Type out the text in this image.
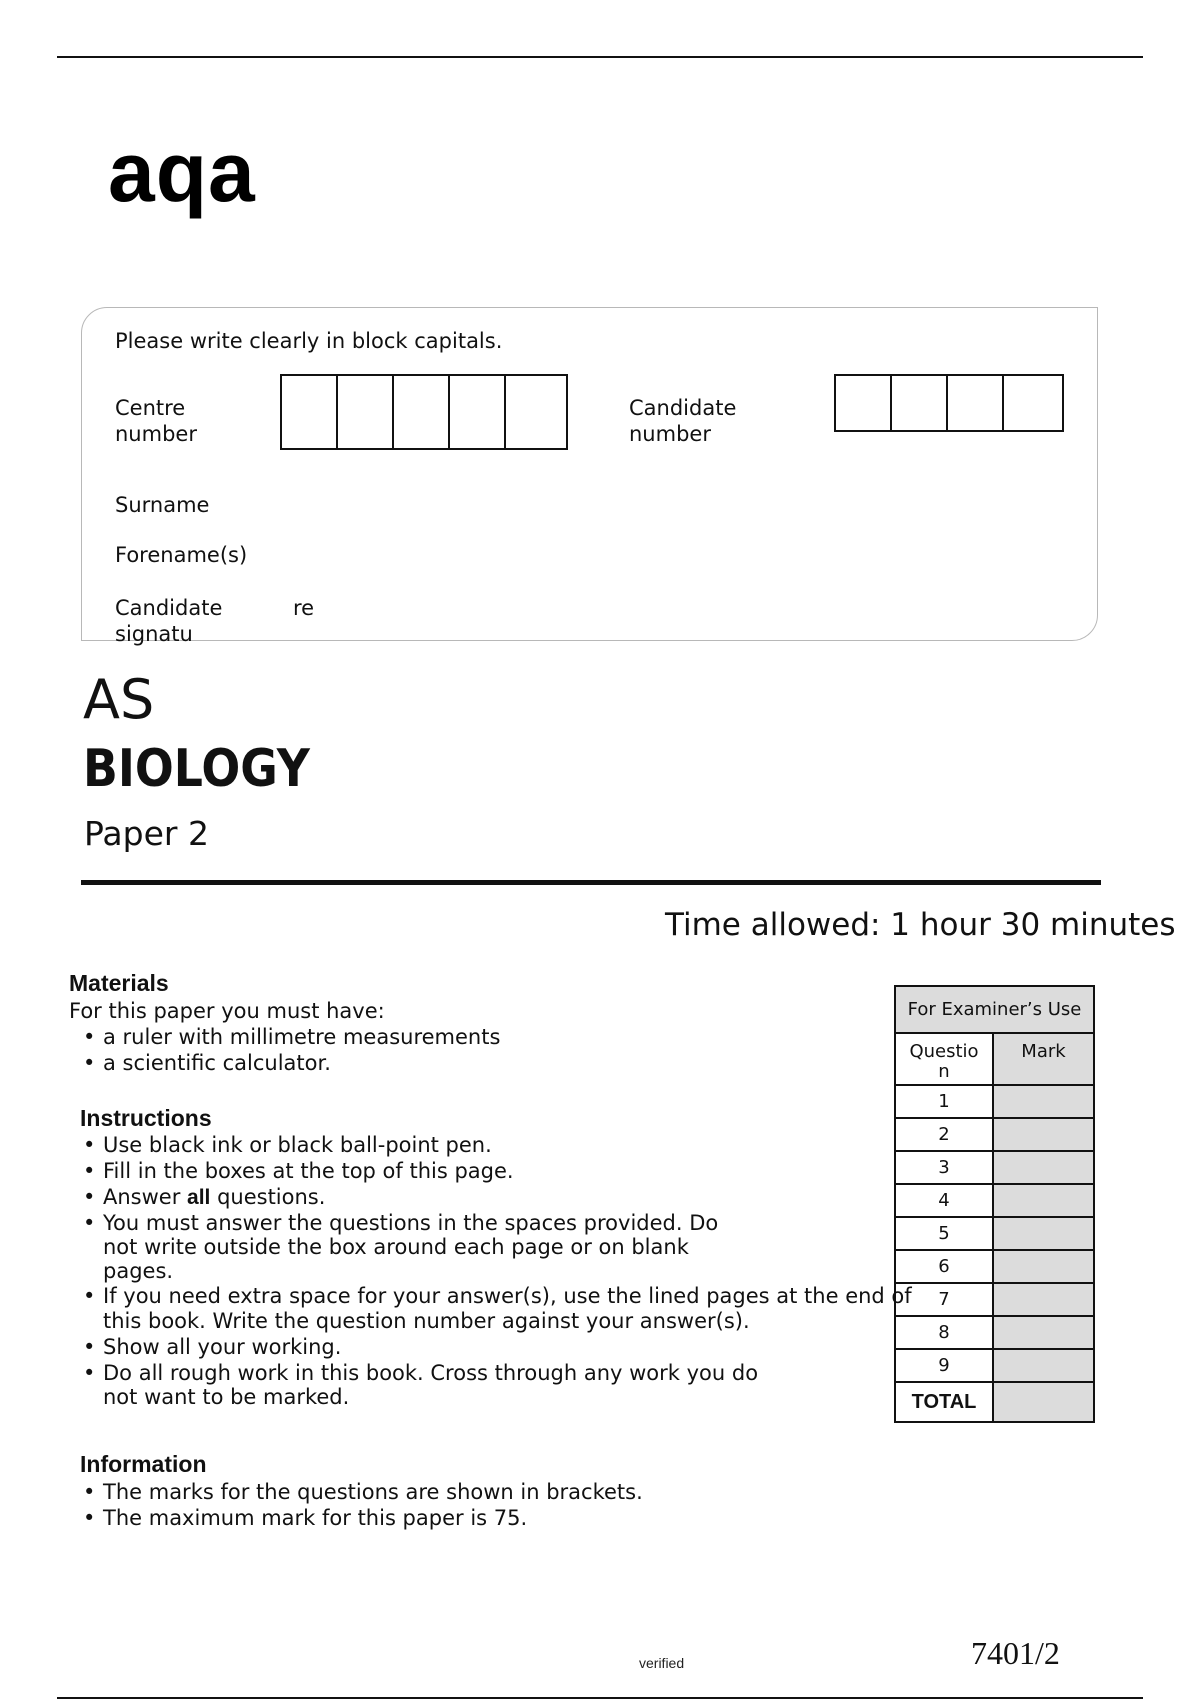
aqa
Please write clearly in block capitals.
Centre
number
Candidate
number
Surname
Forename(s)
Candidate
signatu
re
AS
BIOLOGY
Paper 2
Time allowed: 1 hour 30 minutes
Materials
For this paper you must have:
• a ruler with millimetre measurements
• a scientific calculator.
Instructions
• Use black ink or black ball-point pen.
• Fill in the boxes at the top of this page.
• Answer all questions.
• You must answer the questions in the spaces provided. Do
not write outside the box around each page or on blank
pages.
• If you need extra space for your answer(s), use the lined pages at the end of
this book. Write the question number against your answer(s).
• Show all your working.
• Do all rough work in this book. Cross through any work you do
not want to be marked.
Information
• The marks for the questions are shown in brackets.
• The maximum mark for this paper is 75.
For Examiner’s Use	

Questio
n	Mark
1	
2	
3	
4	
5	
6	
7	
8	
9	
TOTAL	
verified	7401/2
